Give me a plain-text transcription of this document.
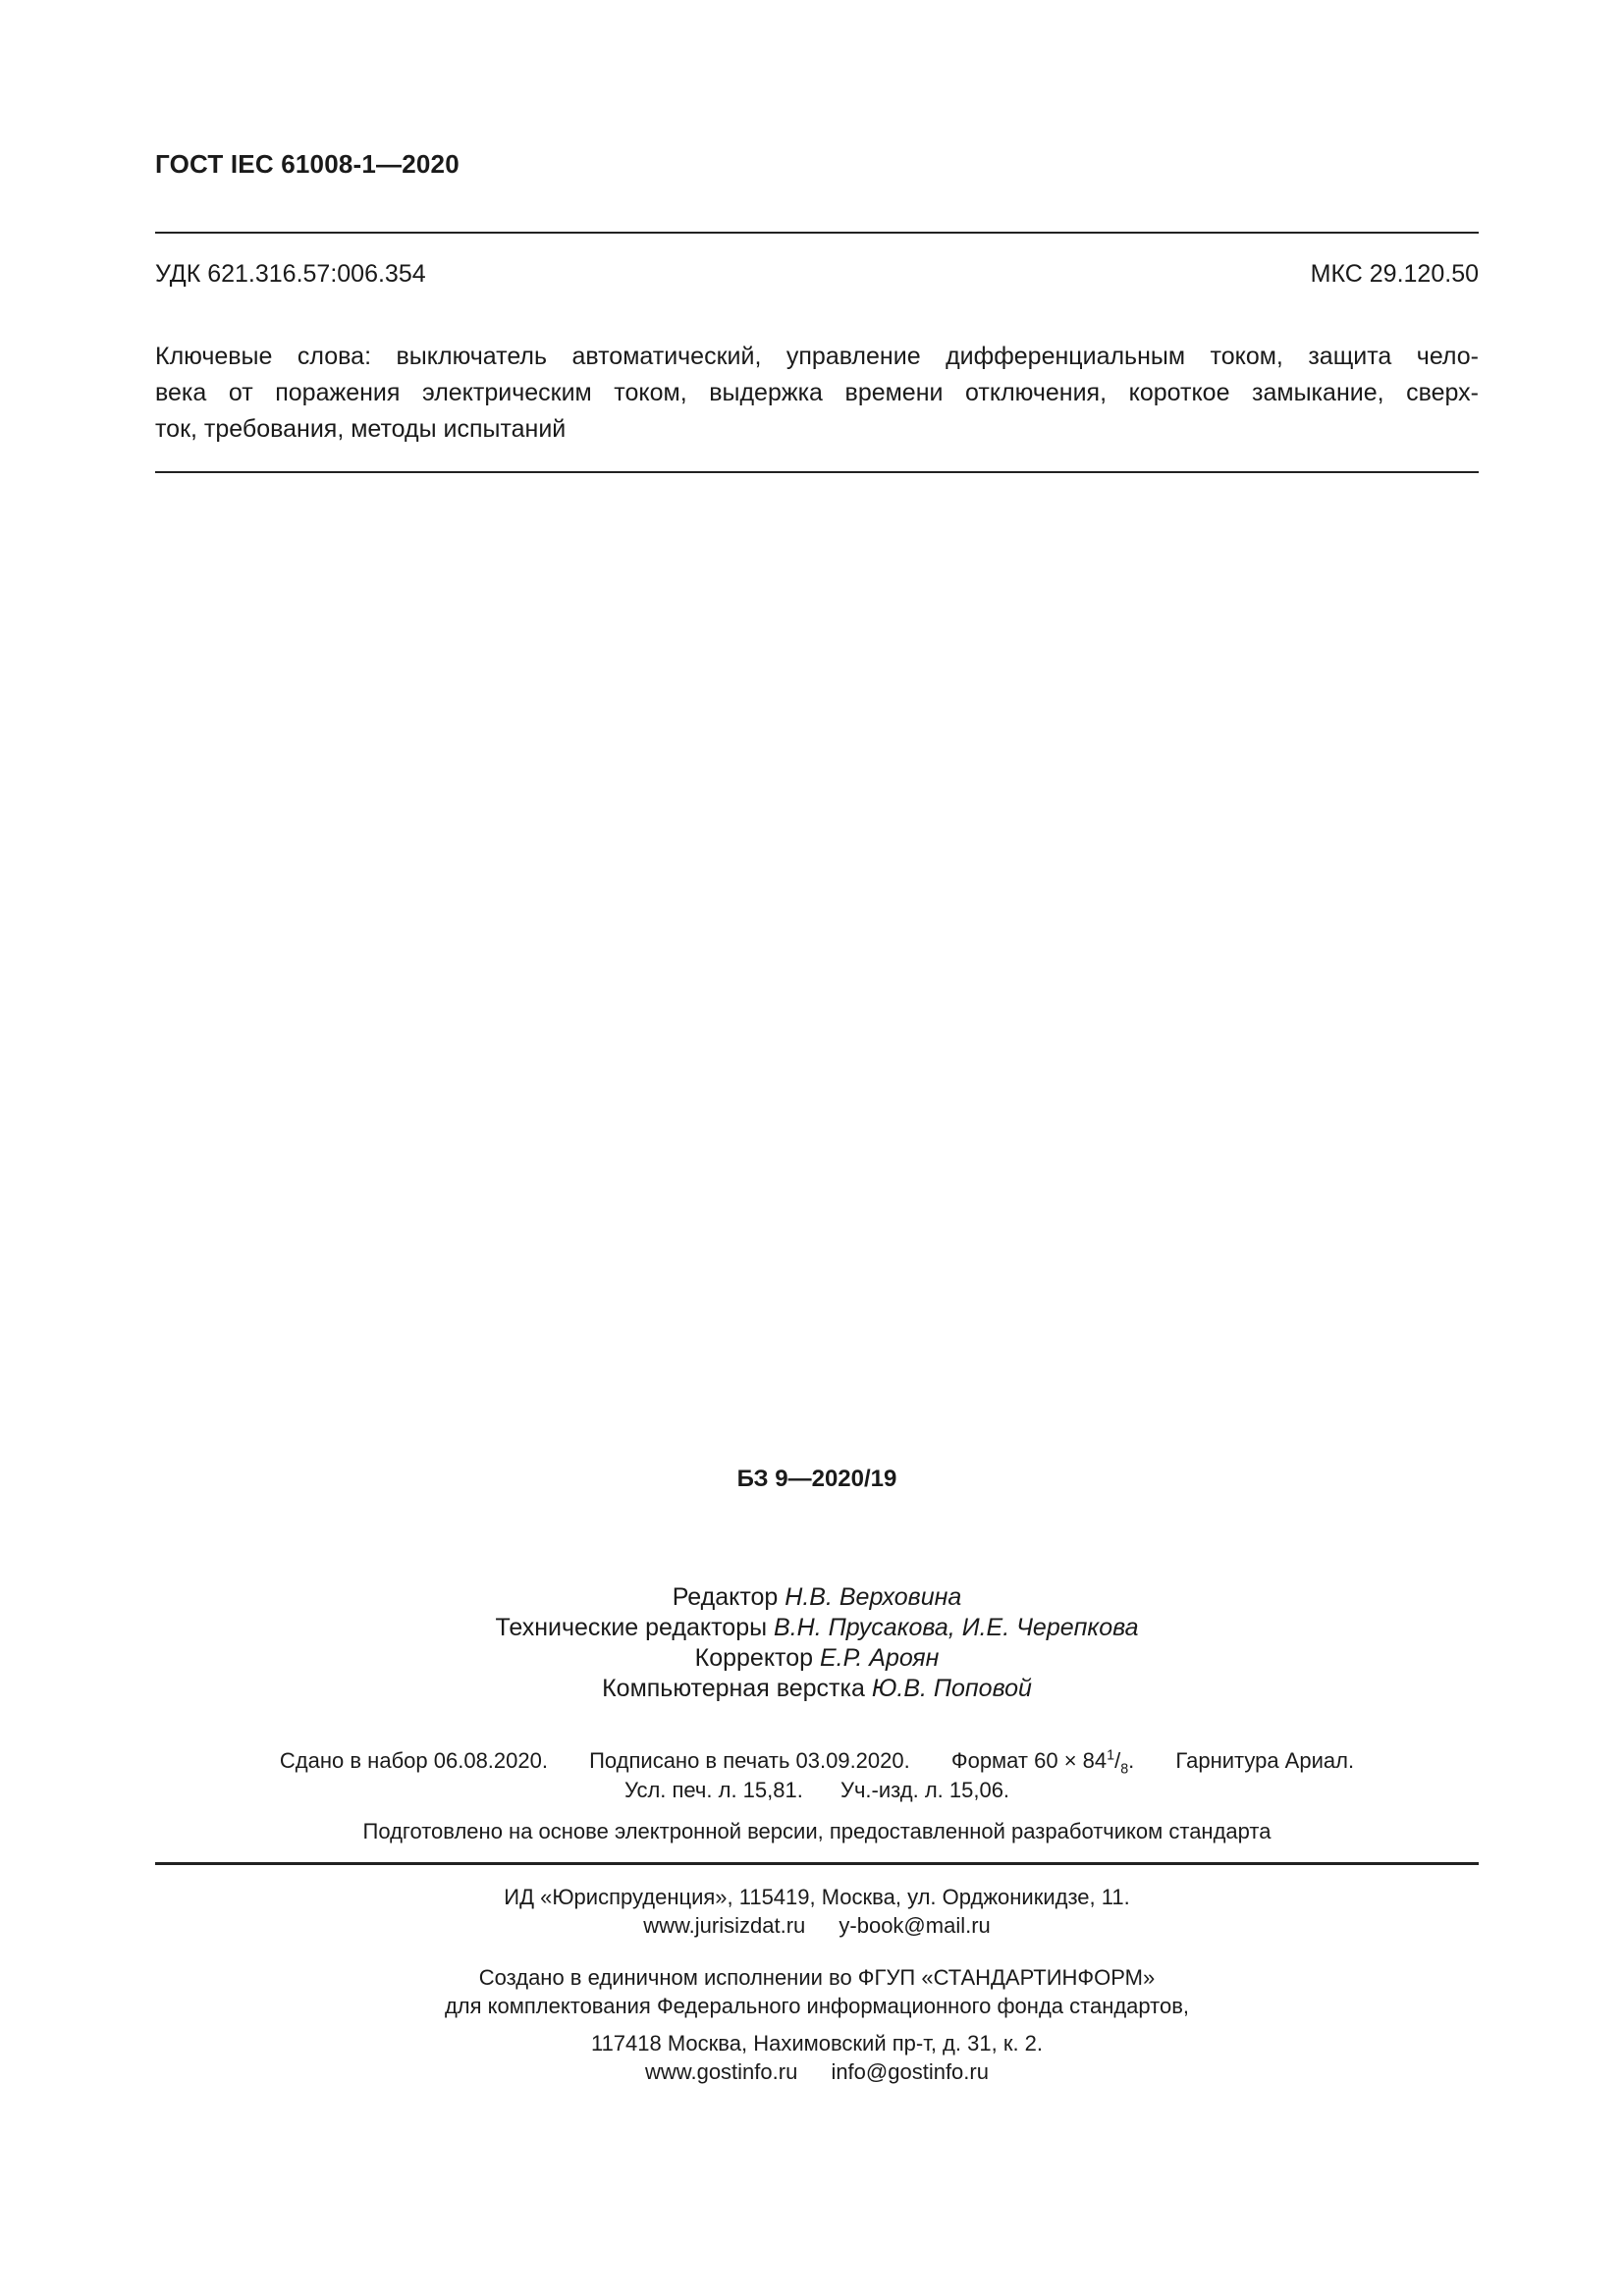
ГОСТ IEC 61008-1—2020
УДК 621.316.57:006.354	МКС 29.120.50
Ключевые слова: выключатель автоматический, управление дифференциальным током, защита чело-
века от поражения электрическим током, выдержка времени отключения, короткое замыкание, сверх-
ток, требования, методы испытаний
БЗ 9—2020/19
Редактор Н.В. Верховина
Технические редакторы В.Н. Прусакова, И.Е. Черепкова
Корректор Е.Р. Ароян
Компьютерная верстка Ю.В. Поповой
Сдано в набор 06.08.2020. Подписано в печать 03.09.2020. Формат $60 \times 84^1/_8$. Гарнитура Ариал.
Усл. печ. л. 15,81. Уч.-изд. л. 15,06.
Подготовлено на основе электронной версии, предоставленной разработчиком стандарта
ИД «Юриспруденция», 115419, Москва, ул. Орджоникидзе, 11.
www.jurisizdat.ru y-book@mail.ru
Создано в единичном исполнении во ФГУП «СТАНДАРТИНФОРМ»
для комплектования Федерального информационного фонда стандартов,
117418 Москва, Нахимовский пр-т, д. 31, к. 2.
www.gostinfo.ru info@gostinfo.ru
